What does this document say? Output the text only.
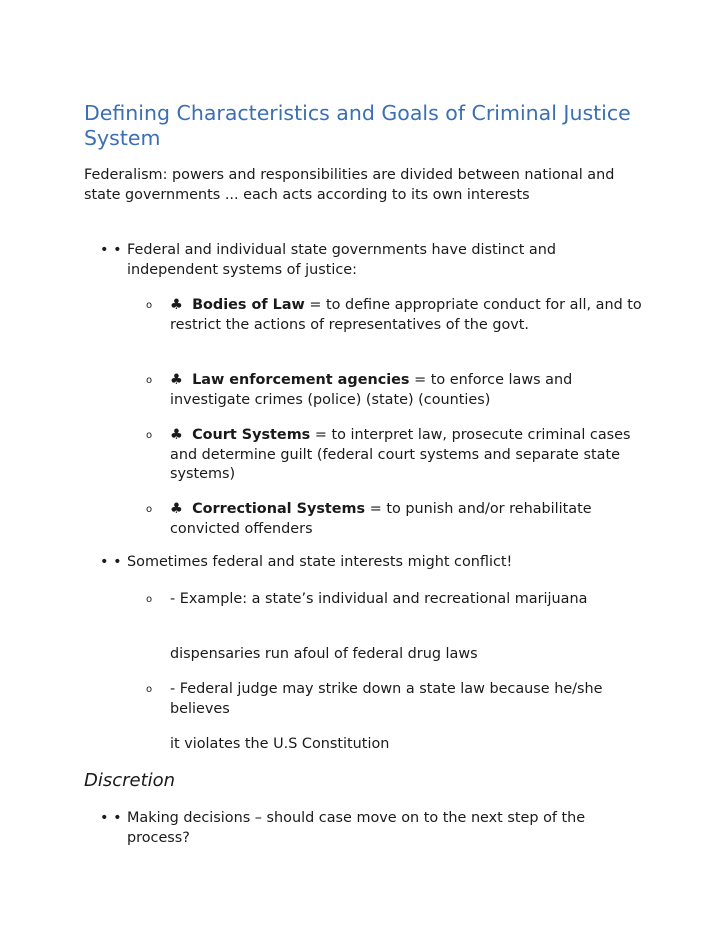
Defining Characteristics and Goals of Criminal Justice System

Federalism: powers and responsibilities are divided between national and state governments ... each acts according to its own interests

• • Federal and individual state governments have distinct and independent systems of justice:
o ♣ Bodies of Law = to define appropriate conduct for all, and to restrict the actions of representatives of the govt.
o ♣ Law enforcement agencies = to enforce laws and investigate crimes (police) (state) (counties)
o ♣ Court Systems = to interpret law, prosecute criminal cases and determine guilt (federal court systems and separate state systems)
o ♣ Correctional Systems = to punish and/or rehabilitate convicted offenders
• • Sometimes federal and state interests might conflict!
o - Example: a state’s individual and recreational marijuana
dispensaries run afoul of federal drug laws
o - Federal judge may strike down a state law because he/she believes
it violates the U.S Constitution
Discretion
• • Making decisions – should case move on to the next step of the process?
